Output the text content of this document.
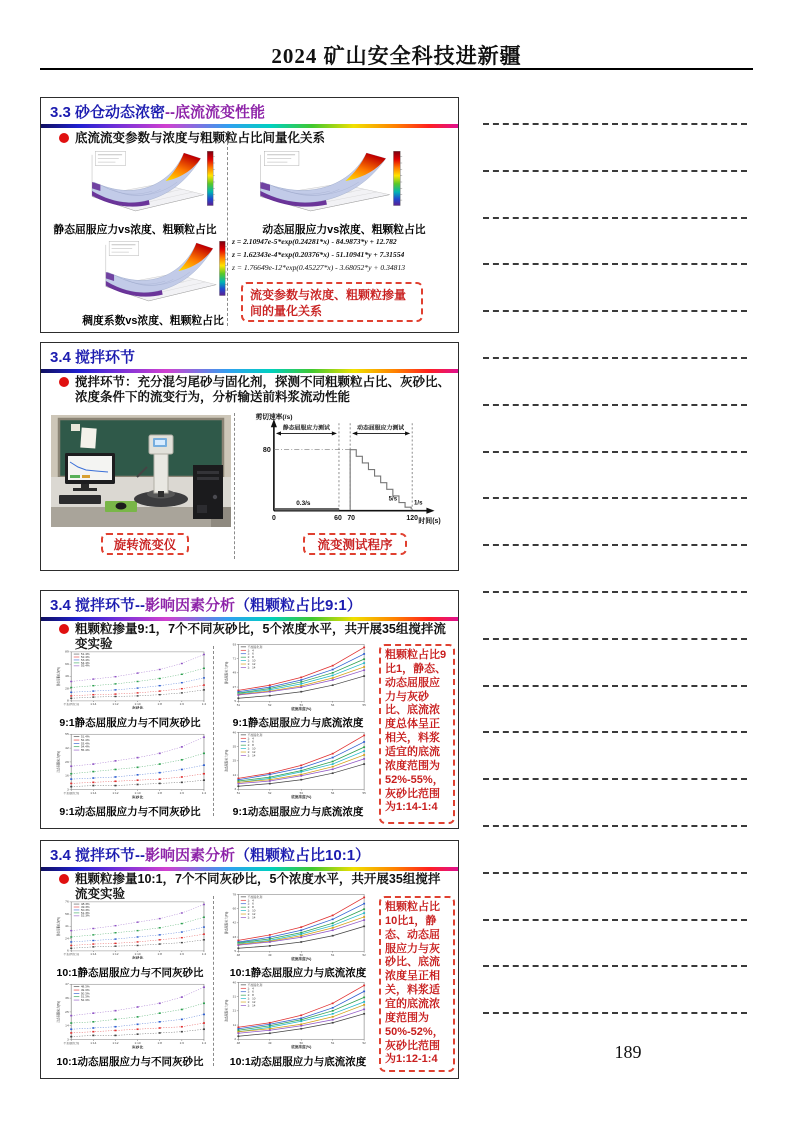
2024 矿山安全科技进新疆
3.3 砂仓动态浓密--底流流变性能
底流流变参数与浓度与粗颗粒占比间量化关系
静态屈服应力vs浓度、粗颗粒占比	动态屈服应力vs浓度、粗颗粒占比
z = 2.10947e-5*exp(0.24281*x) - 84.9873*y + 12.782
z = 1.62343e-4*exp(0.20376*x) - 51.10941*y + 7.31554
z = 1.76649e-12*exp(0.45227*x) - 3.68052*y + 0.34813
流变参数与浓度、粗颗粒掺量间的量化关系
稠度系数vs浓度、粗颗粒占比
3.4 搅拌环节
搅拌环节：充分混匀尾砂与固化剂，探测不同粗颗粒占比、灰砂比、浓度条件下的流变行为，分析输送前料浆流动性能
旋转流变仪
剪切速率(/s)
静态屈服应力测试	动态屈服应力测试
80
0.3/s
5/s
1/s
0	60 70	120 时间(s)
流变测试程序
3.4 搅拌环节--影响因素分析（粗颗粒占比9:1）
粗颗粒掺量9:1，7个不同灰砂比，5个浓度水平，共开展35组搅拌流变实验
89
69
49
28
8
不加固化剂	1:14	1:12	1:10	1:8	1:6	1:4
灰砂比
静态屈服应力(Pa)
51.4%
52.4%
53.4%
54.4%
55.4%
93
71
49
27
5
51	52	53	54	55
底流浓度(%)
静态屈服应力(Pa)
不加固化剂
1：4
1：6
1：8
1：10
1：12
1：14
9:1静态屈服应力与不同灰砂比	9:1静态屈服应力与底流浓度
55
42
29
16
3
不加固化剂	1:14	1:12	1:10	1:8	1:6	1:4
灰砂比
动态屈服应力(Pa)
51.4%
52.4%
53.4%
54.4%
55.4%
46
35
25
14
3
51	52	53	54	55
底流浓度(%)
动态屈服应力(Pa)
不加固化剂
1：4
1：6
1：8
1：10
1：12
1：14
9:1动态屈服应力与不同灰砂比	9:1动态屈服应力与底流浓度
粗颗粒占比9比1，静态、动态屈服应力与灰砂比、底流浓度总体呈正相关，料浆适宜的底流浓度范围为52%-55%，灰砂比范围为1:14-1:4
3.4 搅拌环节--影响因素分析（粗颗粒占比10:1）
粗颗粒掺量10:1，7个不同灰砂比，5个浓度水平，共开展35组搅拌流变实验
76
58
41
24
6
不加固化剂	1:14	1:12	1:10	1:8	1:6	1:4
灰砂比
静态屈服应力(Pa)
48.3%
49.3%
50.3%
51.3%
52.3%
78
60
42
23
5
48	49	50	51	52
底流浓度(%)
静态屈服应力(Pa)
不加固化剂
1：4
1：6
1：8
1：10
1：12
1：14
10:1静态屈服应力与不同灰砂比	10:1静态屈服应力与底流浓度
47
36
25
14
3
不加固化剂	1:14	1:12	1:10	1:8	1:6	1:4
灰砂比
动态屈服应力(Pa)
48.3%
49.3%
50.3%
51.3%
52.3%
40
31
21
11
2
48	49	50	51	52
底流浓度(%)
动态屈服应力(Pa)
不加固化剂
1：4
1：6
1：8
1：10
1：12
1：14
10:1动态屈服应力与不同灰砂比	10:1动态屈服应力与底流浓度
粗颗粒占比10比1，静态、动态屈服应力与灰砂比、底流浓度呈正相关，料浆适宜的底流浓度范围为50%-52%，灰砂比范围为1:12-1:4	189
